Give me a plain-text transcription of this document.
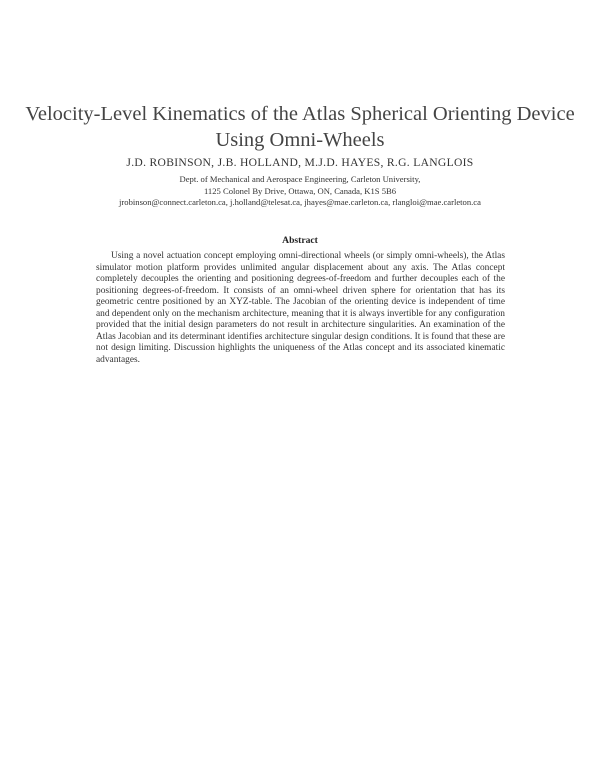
Velocity-Level Kinematics of the Atlas Spherical Orienting Device
Using Omni-Wheels
J.D. ROBINSON, J.B. HOLLAND, M.J.D. HAYES, R.G. LANGLOIS
Dept. of Mechanical and Aerospace Engineering, Carleton University,
1125 Colonel By Drive, Ottawa, ON, Canada, K1S 5B6
jrobinson@connect.carleton.ca, j.holland@telesat.ca, jhayes@mae.carleton.ca, rlangloi@mae.carleton.ca
Abstract

Using a novel actuation concept employing omni-directional wheels (or simply omni-wheels), the Atlas simulator motion platform provides unlimited angular displacement about any axis. The Atlas concept completely decouples the orienting and positioning degrees-of-freedom and further decouples each of the positioning degrees-of-freedom. It consists of an omni-wheel driven sphere for orientation that has its geometric centre positioned by an XYZ-table. The Jacobian of the orienting device is independent of time and dependent only on the mechanism architecture, meaning that it is always invertible for any configuration provided that the initial design parameters do not result in architecture singularities. An examination of the Atlas Jacobian and its determinant identifies architecture singular design conditions. It is found that these are not design limiting. Discussion highlights the uniqueness of the Atlas concept and its associated kinematic advantages.
